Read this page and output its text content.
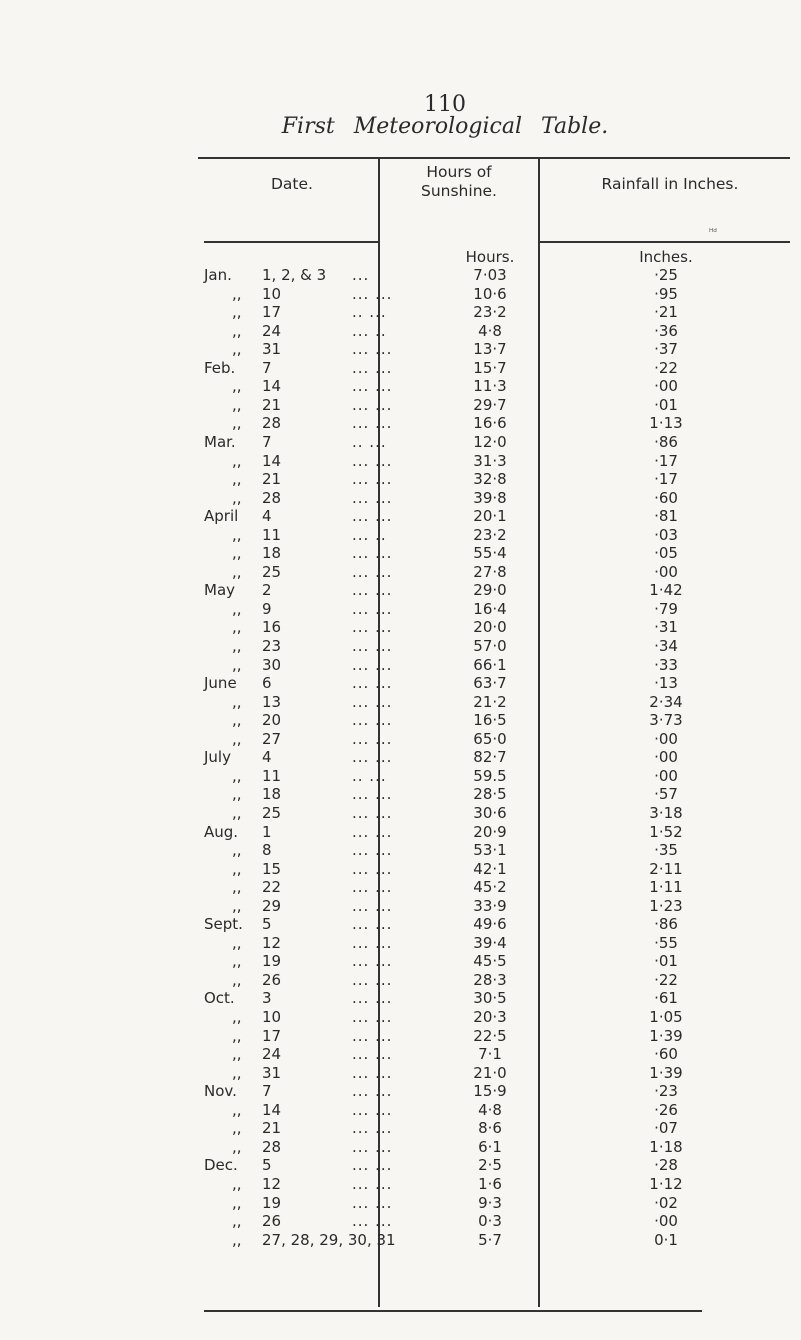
110
First Meteorological Table.
Date.
Hours of Sunshine.	Rainfall in Inches.
ᴴᵈ
Hours.	Inches.
Jan. 1, 2, & 3 ...	7·03	·25
,, 10	... ...	10·6	·95
,, 17	.. ...	23·2	·21
,, 24	... ..	4·8	·36
,, 31	... ...	13·7	·37
Feb. 7	... ...	15·7	·22
,, 14	... ...	11·3	·00
,, 21	... ...	29·7	·01
,, 28	... ...	16·6	1·13
Mar. 7	.. ...	12·0	·86
,, 14	... ...	31·3	·17
,, 21	... ...	32·8	·17
,, 28	... ...	39·8	·60
April 4	... ...	20·1	·81
,, 11	... ..	23·2	·03
,, 18	... ...	55·4	·05
,, 25	... ...	27·8	·00
May 2	... ...	29·0	1·42
,, 9	... ...	16·4	·79
,, 16	... ...	20·0	·31
,, 23	... ...	57·0	·34
,, 30	... ...	66·1	·33
June 6	... ...	63·7	·13
,, 13	... ...	21·2	2·34
,, 20	... ...	16·5	3·73
,, 27	... ...	65·0	·00
July 4	... ...	82·7	·00
,, 11	.. ...	59.5	·00
,, 18	... ...	28·5	·57
,, 25	... ...	30·6	3·18
Aug. 1	... ...	20·9	1·52
,, 8	... ...	53·1	·35
,, 15	... ...	42·1	2·11
,, 22	... ...	45·2	1·11
,, 29	... ...	33·9	1·23
Sept. 5	... ...	49·6	·86
,, 12	... ...	39·4	·55
,, 19	... ...	45·5	·01
,, 26	... ...	28·3	·22
Oct. 3	... ...	30·5	·61
,, 10	... ...	20·3	1·05
,, 17	... ...	22·5	1·39
,, 24	... ...	7·1	·60
,, 31	... ...	21·0	1·39
Nov. 7	... ...	15·9	·23
,, 14	... ...	4·8	·26
,, 21	... ...	8·6	·07
,, 28	... ...	6·1	1·18
Dec. 5	... ...	2·5	·28
,, 12	... ...	1·6	1·12
,, 19	... ...	9·3	·02
,, 26	... ...	0·3	·00
,, 27, 28, 29, 30, 31	5·7	0·1
